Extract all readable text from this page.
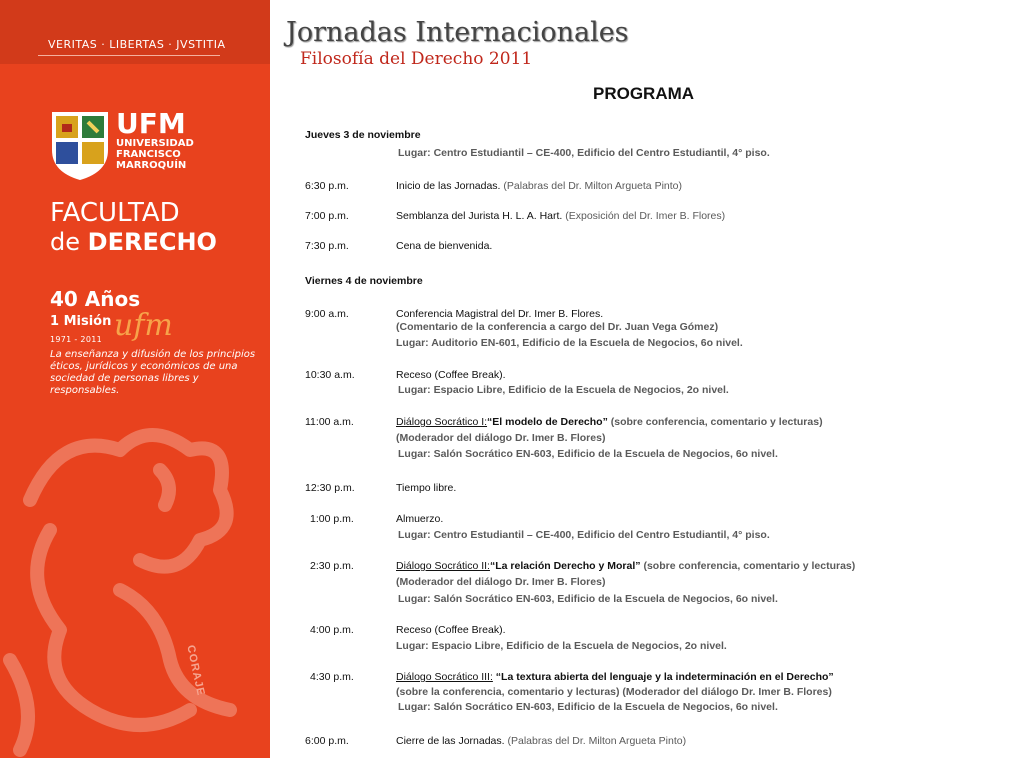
VERITAS · LIBERTAS · JVSTITIA
UFM
UNIVERSIDAD
FRANCISCO
MARROQUÍN
FACULTAD
de DERECHO
40 Años
1 Misión ufm
1971 - 2011
La enseñanza y difusión de los principios éticos, jurídicos y económicos de una sociedad de personas libres y responsables.
CORAJE
Jornadas Internacionales
Filosofía del Derecho 2011
PROGRAMA
Jueves 3 de noviembre
Lugar: Centro Estudiantil – CE-400, Edificio del Centro Estudiantil, 4° piso.
6:30 p.m.	Inicio de las Jornadas. (Palabras del Dr. Milton Argueta Pinto)
7:00 p.m.	Semblanza del Jurista H. L. A. Hart. (Exposición del Dr. Imer B. Flores)
7:30 p.m.	Cena de bienvenida.
Viernes 4 de noviembre
9:00 a.m.	Conferencia Magistral del Dr. Imer B. Flores.
(Comentario de la conferencia a cargo del Dr. Juan Vega Gómez)
Lugar: Auditorio EN-601, Edificio de la Escuela de Negocios, 6o nivel.
10:30 a.m.	Receso (Coffee Break).
Lugar: Espacio Libre, Edificio de la Escuela de Negocios, 2o nivel.
11:00 a.m.	Diálogo Socrático I:“El modelo de Derecho” (sobre conferencia, comentario y lecturas)
(Moderador del diálogo Dr. Imer B. Flores)
Lugar: Salón Socrático EN-603, Edificio de la Escuela de Negocios, 6o nivel.
12:30 p.m.	Tiempo libre.
1:00 p.m.	Almuerzo.
Lugar: Centro Estudiantil – CE-400, Edificio del Centro Estudiantil, 4° piso.
2:30 p.m.	Diálogo Socrático II:“La relación Derecho y Moral” (sobre conferencia, comentario y lecturas)
(Moderador del diálogo Dr. Imer B. Flores)
Lugar: Salón Socrático EN-603, Edificio de la Escuela de Negocios, 6o nivel.
4:00 p.m.	Receso (Coffee Break).
Lugar: Espacio Libre, Edificio de la Escuela de Negocios, 2o nivel.
4:30 p.m.	Diálogo Socrático III: “La textura abierta del lenguaje y la indeterminación en el Derecho”
(sobre la conferencia, comentario y lecturas) (Moderador del diálogo Dr. Imer B. Flores)
Lugar: Salón Socrático EN-603, Edificio de la Escuela de Negocios, 6o nivel.
6:00 p.m.	Cierre de las Jornadas. (Palabras del Dr. Milton Argueta Pinto)
